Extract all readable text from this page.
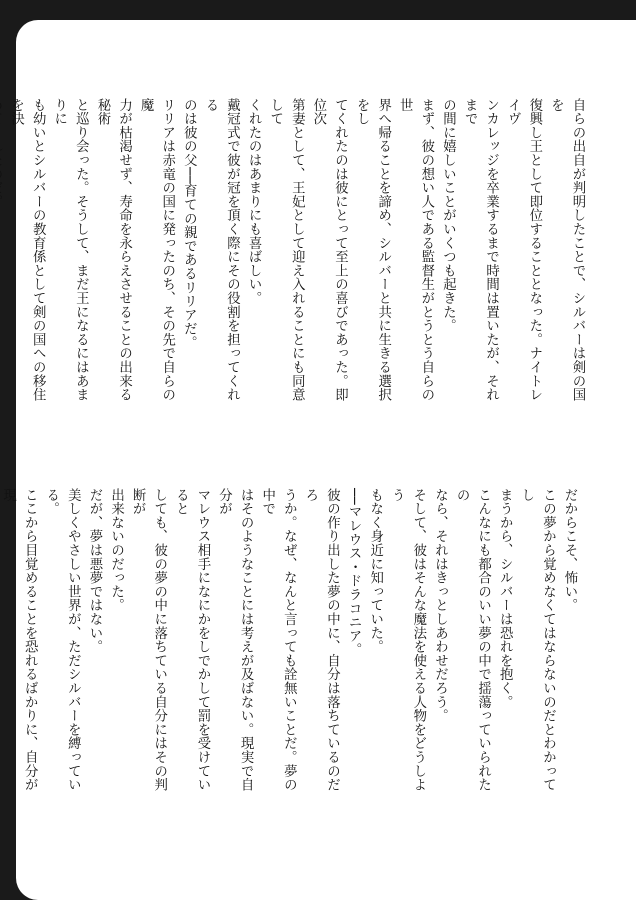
自らの出自が判明したことで、シルバーは剣の国を

復興し王として即位することとなった。ナイトレイヴ

ンカレッジを卒業するまで時間は置いたが、それまで

の間に嬉しいことがいくつも起きた。

まず、彼の想い人である監督生がとうとう自らの世

界へ帰ることを諦め、シルバーと共に生きる選択をし

てくれたのは彼にとって至上の喜びであった。即位次

第妻として、王妃として迎え入れることにも同意して

くれたのはあまりにも喜ばしい。

戴冠式で彼が冠を頂く際にその役割を担ってくれる

のは彼の父──育ての親であるリリアだ。

リリアは赤竜の国に発ったのち、その先で自らの魔

力が枯渇せず、寿命を永らえさせることの出来る秘術

と巡り会った。そうして、まだ王になるにはあまりに

も幼いとシルバーの教育係として剣の国への移住を決

だからこそ、怖い。

この夢から覚めなくてはならないのだとわかってし

まうから、シルバーは恐れを抱く。

こんなにも都合のいい夢の中で揺蕩っていられたの

なら、それはきっとしあわせだろう。

そして、彼はそんな魔法を使える人物をどうしよう

もなく身近に知っていた。

──マレウス・ドラコニア。

彼の作り出した夢の中に、自分は落ちているのだろ

うか。なぜ、なんと言っても詮無いことだ。夢の中で

はそのようなことには考えが及ばない。現実で自分が

マレウス相手になにかをしでかして罰を受けていると

しても、彼の夢の中に落ちている自分にはその判断が

出来ないのだった。

だが、夢は悪夢ではない。

美しくやさしい世界が、ただシルバーを縛っている。

ここから目覚めることを恐れるばかりに、自分が現
